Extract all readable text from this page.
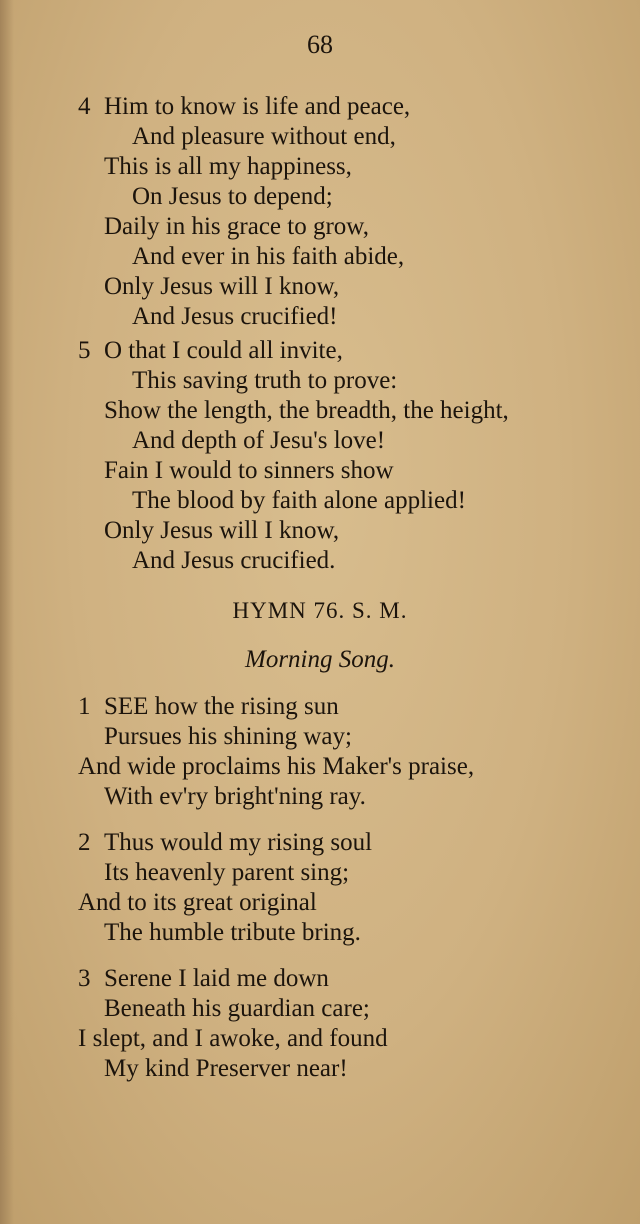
68
4 Him to know is life and peace,
And pleasure without end,
This is all my happiness,
On Jesus to depend;
Daily in his grace to grow,
And ever in his faith abide,
Only Jesus will I know,
And Jesus crucified!
5 O that I could all invite,
This saving truth to prove:
Show the length, the breadth, the height,
And depth of Jesu's love!
Fain I would to sinners show
The blood by faith alone applied!
Only Jesus will I know,
And Jesus crucified.
HYMN 76. S. M.
Morning Song.
1 SEE how the rising sun
Pursues his shining way;
And wide proclaims his Maker's praise,
With ev'ry bright'ning ray.
2 Thus would my rising soul
Its heavenly parent sing;
And to its great original
The humble tribute bring.
3 Serene I laid me down
Beneath his guardian care;
I slept, and I awoke, and found
My kind Preserver near!
